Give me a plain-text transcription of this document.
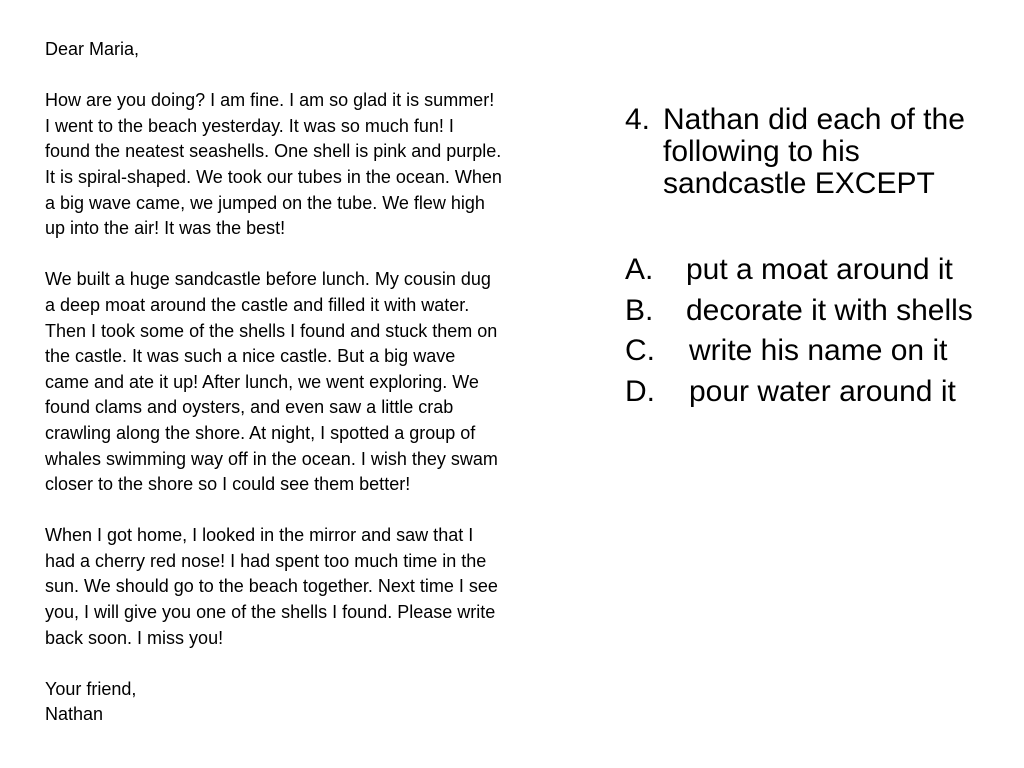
Dear Maria,

How are you doing? I am fine. I am so glad it is summer!

I went to the beach yesterday. It was so much fun! I

found the neatest seashells. One shell is pink and purple.

It is spiral-shaped. We took our tubes in the ocean. When

a big wave came, we jumped on the tube. We flew high

up into the air! It was the best!

We built a huge sandcastle before lunch. My cousin dug

a deep moat around the castle and filled it with water.

Then I took some of the shells I found and stuck them on

the castle. It was such a nice castle. But a big wave

came and ate it up! After lunch, we went exploring. We

found clams and oysters, and even saw a little crab

crawling along the shore. At night, I spotted a group of

whales swimming way off in the ocean. I wish they swam

closer to the shore so I could see them better!

When I got home, I looked in the mirror and saw that I

had a cherry red nose! I had spent too much time in the

sun. We should go to the beach together. Next time I see

you, I will give you one of the shells I found. Please write

back soon. I miss you!

Your friend,

Nathan

4. Nathan did each of the
following to his
sandcastle EXCEPT
A.	put a moat around it
B.	decorate it with shells
C.	write his name on it
D.	pour water around it
